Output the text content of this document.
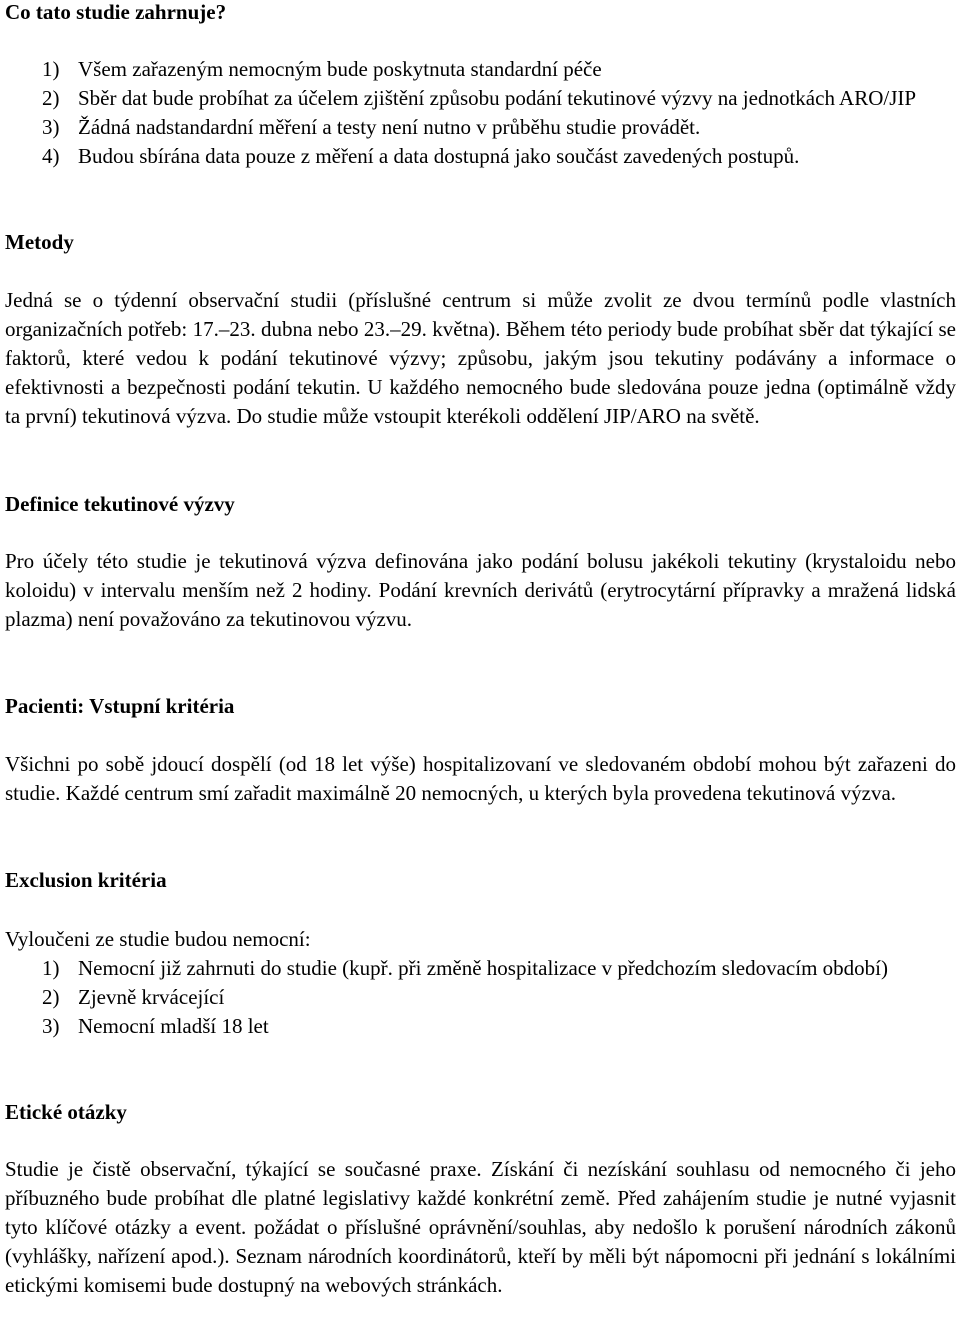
Co tato studie zahrnuje?
1) Všem zařazeným nemocným bude poskytnuta standardní péče
2) Sběr dat bude probíhat za účelem zjištění způsobu podání tekutinové výzvy na jednotkách ARO/JIP
3) Žádná nadstandardní měření a testy není nutno v průběhu studie provádět.
4) Budou sbírána data pouze z měření a data dostupná jako součást zavedených postupů.
Metody

Jedná se o týdenní observační studii (příslušné centrum si může zvolit ze dvou termínů podle vlastních organizačních potřeb: 17.–23. dubna nebo 23.–29. května). Během této periody bude probíhat sběr dat týkající se faktorů, které vedou k podání tekutinové výzvy; způsobu, jakým jsou tekutiny podávány a informace o efektivnosti a bezpečnosti podání tekutin. U každého nemocného bude sledována pouze jedna (optimálně vždy ta první) tekutinová výzva. Do studie může vstoupit kterékoli oddělení JIP/ARO na světě.

Definice tekutinové výzvy

Pro účely této studie je tekutinová výzva definována jako podání bolusu jakékoli tekutiny (krystaloidu nebo koloidu) v intervalu menším než 2 hodiny. Podání krevních derivátů (erytrocytární přípravky a mražená lidská plazma) není považováno za tekutinovou výzvu.

Pacienti: Vstupní kritéria

Všichni po sobě jdoucí dospělí (od 18 let výše) hospitalizovaní ve sledovaném období mohou být zařazeni do studie. Každé centrum smí zařadit maximálně 20 nemocných, u kterých byla provedena tekutinová výzva.

Exclusion kritéria
Vyloučeni ze studie budou nemocní:
1) Nemocní již zahrnuti do studie (kupř. při změně hospitalizace v předchozím sledovacím období)
2) Zjevně krvácející
3) Nemocní mladší 18 let
Etické otázky

Studie je čistě observační, týkající se současné praxe. Získání či nezískání souhlasu od nemocného či jeho příbuzného bude probíhat dle platné legislativy každé konkrétní země. Před zahájením studie je nutné vyjasnit tyto klíčové otázky a event. požádat o příslušné oprávnění/souhlas, aby nedošlo k porušení národních zákonů (vyhlášky, nařízení apod.). Seznam národních koordinátorů, kteří by měli být nápomocni při jednání s lokálními etickými komisemi bude dostupný na webových stránkách.
